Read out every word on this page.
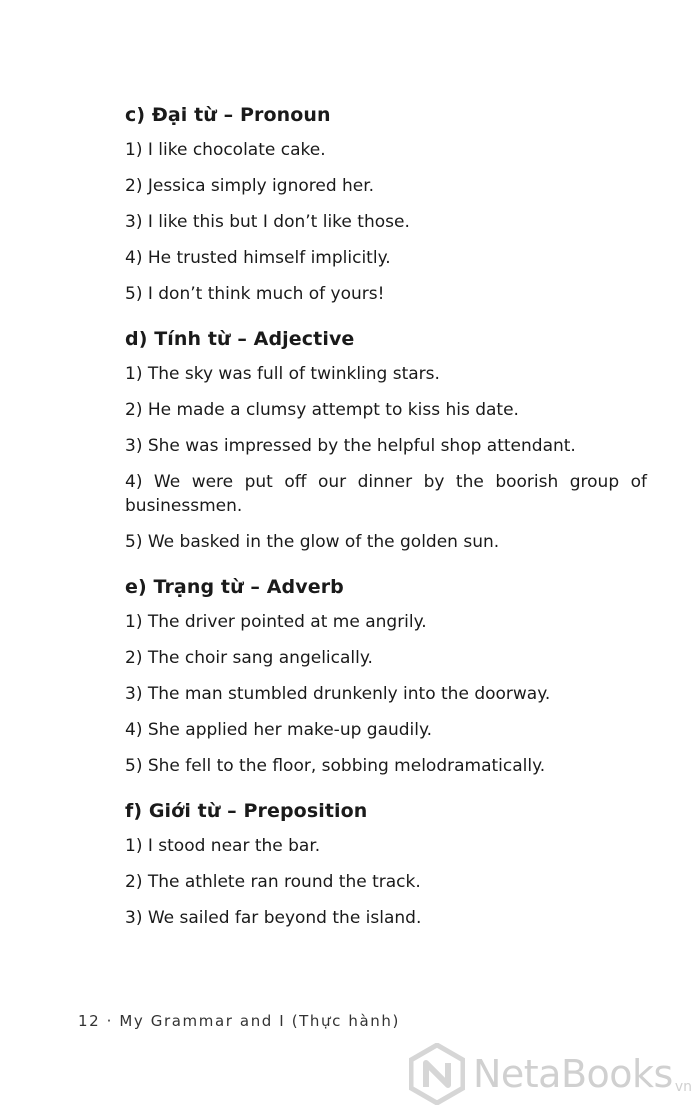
c) Đại từ – Pronoun
1) I like chocolate cake.
2) Jessica simply ignored her.
3) I like this but I don’t like those.
4) He trusted himself implicitly.
5) I don’t think much of yours!
d) Tính từ – Adjective
1) The sky was full of twinkling stars.
2) He made a clumsy attempt to kiss his date.
3) She was impressed by the helpful shop attendant.
4) We were put off our dinner by the boorish group of businessmen.
5) We basked in the glow of the golden sun.
e) Trạng từ – Adverb
1) The driver pointed at me angrily.
2) The choir sang angelically.
3) The man stumbled drunkenly into the doorway.
4) She applied her make-up gaudily.
5) She fell to the floor, sobbing melodramatically.
f) Giới từ – Preposition
1) I stood near the bar.
2) The athlete ran round the track.
3) We sailed far beyond the island.
12 · My Grammar and I (Thực hành)
NetaBooks vn
